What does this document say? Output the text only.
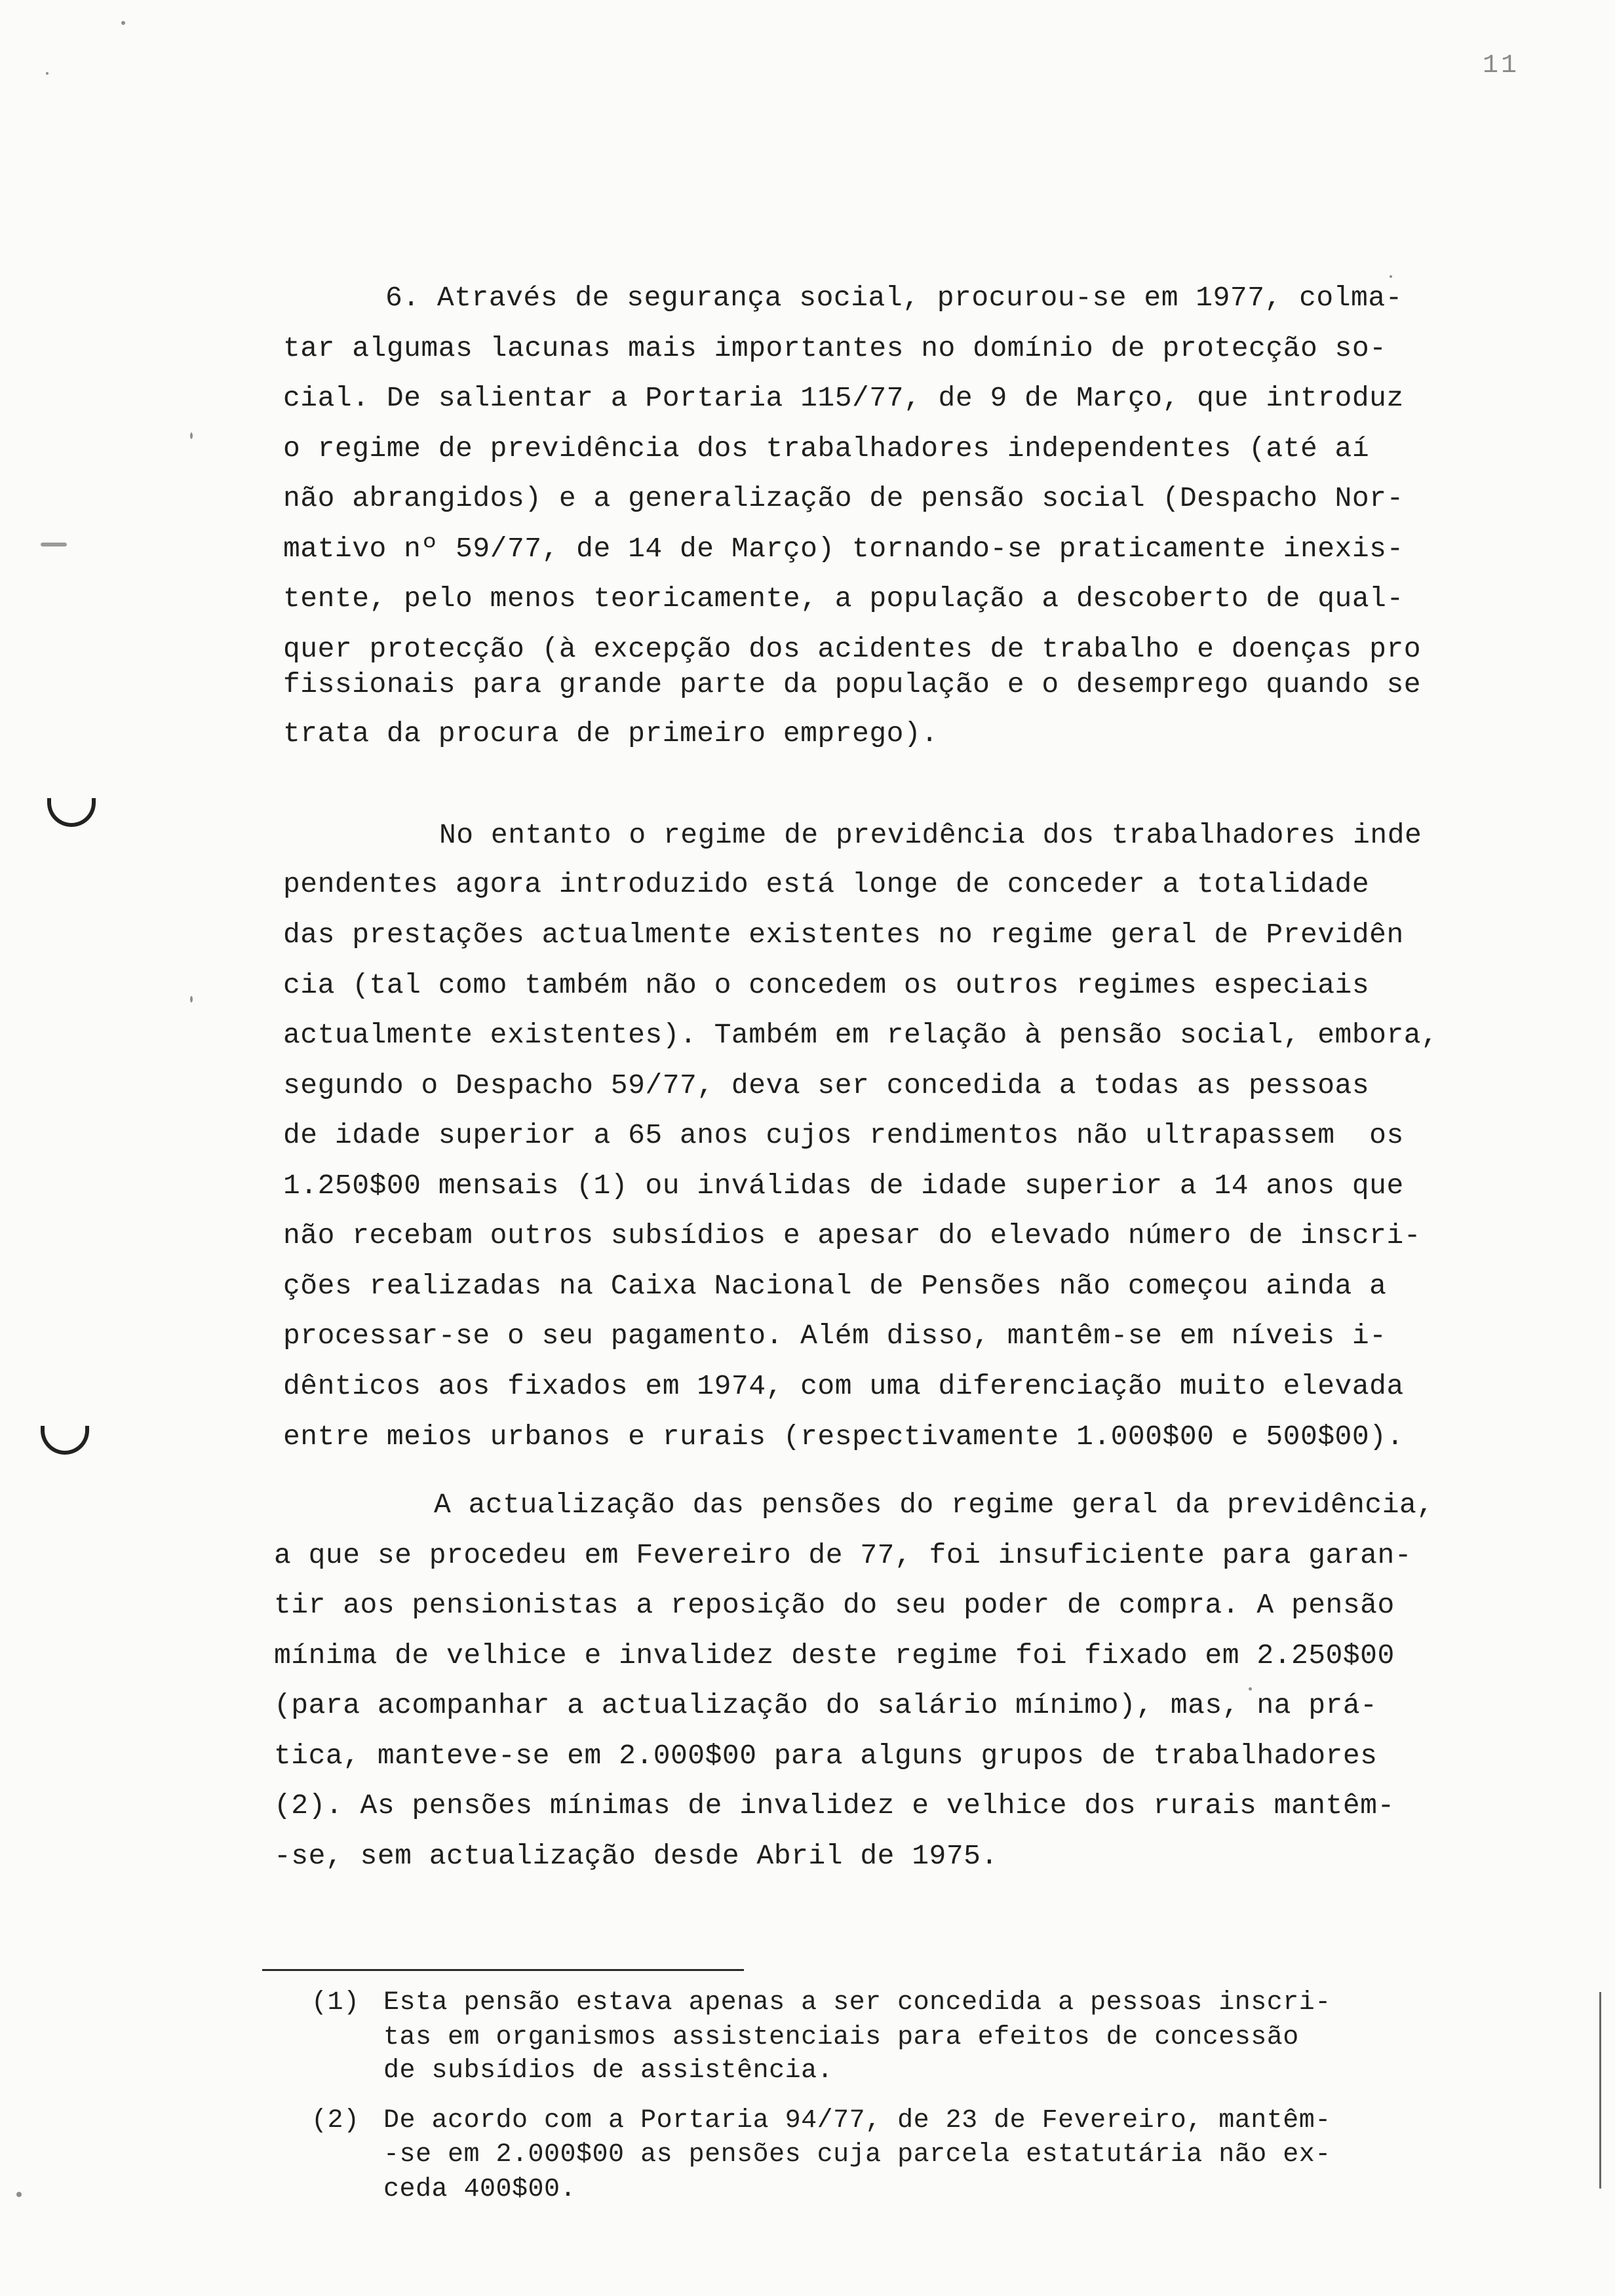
11
6. Através de segurança social, procurou-se em 1977, colma-
tar algumas lacunas mais importantes no domínio de protecção so-
cial. De salientar a Portaria 115/77, de 9 de Março, que introduz
o regime de previdência dos trabalhadores independentes (até aí
não abrangidos) e a generalização de pensão social (Despacho Nor-
mativo nº 59/77, de 14 de Março) tornando-se praticamente inexis-
tente, pelo menos teoricamente, a população a descoberto de qual-
quer protecção (à excepção dos acidentes de trabalho e doenças pro
fissionais para grande parte da população e o desemprego quando se
trata da procura de primeiro emprego).
No entanto o regime de previdência dos trabalhadores inde
pendentes agora introduzido está longe de conceder a totalidade
das prestações actualmente existentes no regime geral de Previdên
cia (tal como também não o concedem os outros regimes especiais
actualmente existentes). Também em relação à pensão social, embora,
segundo o Despacho 59/77, deva ser concedida a todas as pessoas
de idade superior a 65 anos cujos rendimentos não ultrapassem  os
1.250$00 mensais (1) ou inválidas de idade superior a 14 anos que
não recebam outros subsídios e apesar do elevado número de inscri-
ções realizadas na Caixa Nacional de Pensões não começou ainda a
processar-se o seu pagamento. Além disso, mantêm-se em níveis i-
dênticos aos fixados em 1974, com uma diferenciação muito elevada
entre meios urbanos e rurais (respectivamente 1.000$00 e 500$00).
A actualização das pensões do regime geral da previdência,
a que se procedeu em Fevereiro de 77, foi insuficiente para garan-
tir aos pensionistas a reposição do seu poder de compra. A pensão
mínima de velhice e invalidez deste regime foi fixado em 2.250$00
(para acompanhar a actualização do salário mínimo), mas, na prá-
tica, manteve-se em 2.000$00 para alguns grupos de trabalhadores
(2). As pensões mínimas de invalidez e velhice dos rurais mantêm-
-se, sem actualização desde Abril de 1975.
(1) Esta pensão estava apenas a ser concedida a pessoas inscri-
tas em organismos assistenciais para efeitos de concessão
de subsídios de assistência.
(2) De acordo com a Portaria 94/77, de 23 de Fevereiro, mantêm-
-se em 2.000$00 as pensões cuja parcela estatutária não ex-
ceda 400$00.
